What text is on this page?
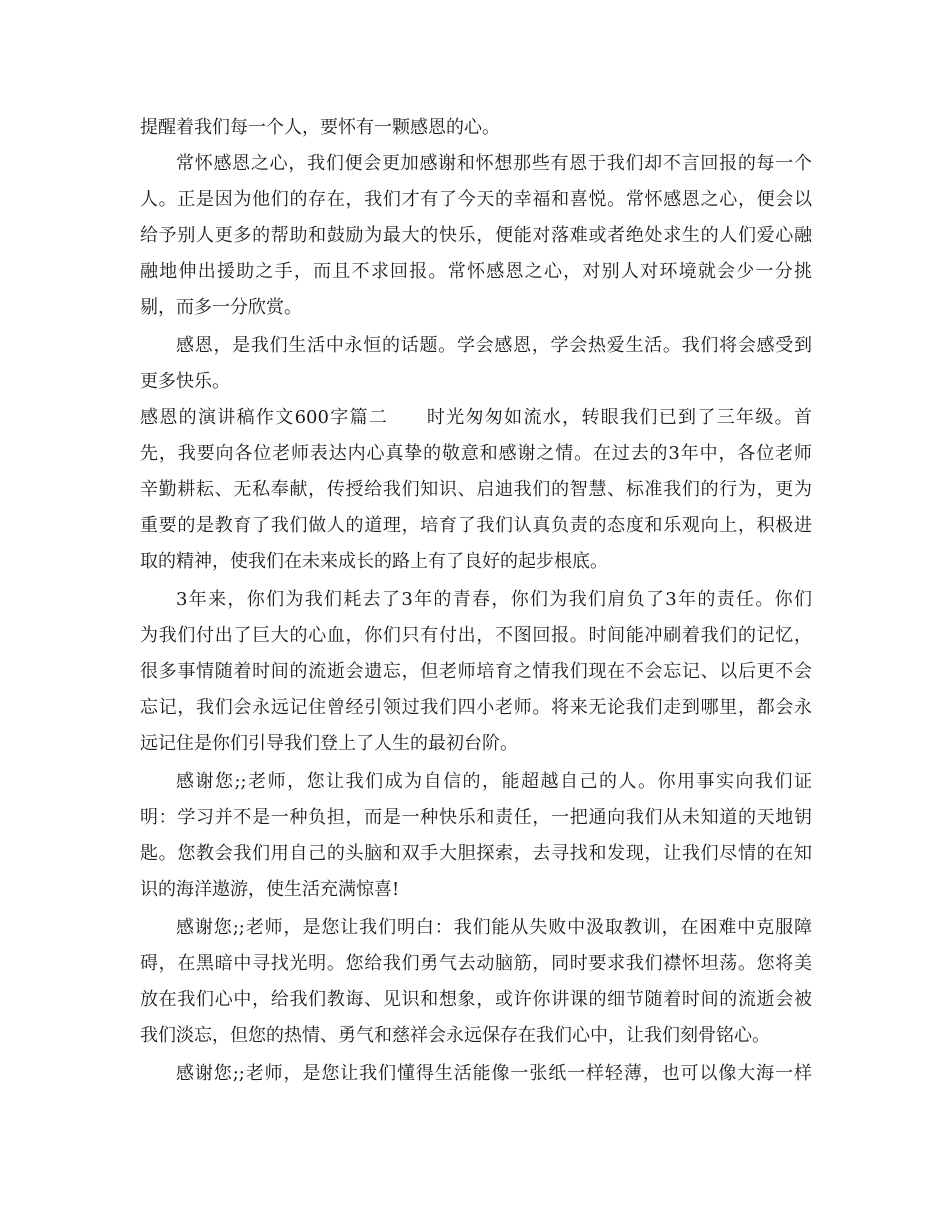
提醒着我们每一个人，要怀有一颗感恩的心。
常怀感恩之心，我们便会更加感谢和怀想那些有恩于我们却不言回报的每一个
人。正是因为他们的存在，我们才有了今天的幸福和喜悦。常怀感恩之心，便会以
给予别人更多的帮助和鼓励为最大的快乐，便能对落难或者绝处求生的人们爱心融
融地伸出援助之手，而且不求回报。常怀感恩之心，对别人对环境就会少一分挑
剔，而多一分欣赏。
感恩，是我们生活中永恒的话题。学会感恩，学会热爱生活。我们将会感受到
更多快乐。
感恩的演讲稿作文600字篇二　　时光匆匆如流水，转眼我们已到了三年级。首
先，我要向各位老师表达内心真挚的敬意和感谢之情。在过去的3年中，各位老师
辛勤耕耘、无私奉献，传授给我们知识、启迪我们的智慧、标准我们的行为，更为
重要的是教育了我们做人的道理，培育了我们认真负责的态度和乐观向上，积极进
取的精神，使我们在未来成长的路上有了良好的起步根底。
3年来，你们为我们耗去了3年的青春，你们为我们肩负了3年的责任。你们
为我们付出了巨大的心血，你们只有付出，不图回报。时间能冲刷着我们的记忆，
很多事情随着时间的流逝会遗忘，但老师培育之情我们现在不会忘记、以后更不会
忘记，我们会永远记住曾经引领过我们四小老师。将来无论我们走到哪里，都会永
远记住是你们引导我们登上了人生的最初台阶。
感谢您;;老师，您让我们成为自信的，能超越自己的人。你用事实向我们证
明：学习并不是一种负担，而是一种快乐和责任，一把通向我们从未知道的天地钥
匙。您教会我们用自己的头脑和双手大胆探索，去寻找和发现，让我们尽情的在知
识的海洋遨游，使生活充满惊喜!
感谢您;;老师，是您让我们明白：我们能从失败中汲取教训，在困难中克服障
碍，在黑暗中寻找光明。您给我们勇气去动脑筋，同时要求我们襟怀坦荡。您将美
放在我们心中，给我们教诲、见识和想象，或许你讲课的细节随着时间的流逝会被
我们淡忘，但您的热情、勇气和慈祥会永远保存在我们心中，让我们刻骨铭心。
感谢您;;老师，是您让我们懂得生活能像一张纸一样轻薄，也可以像大海一样
